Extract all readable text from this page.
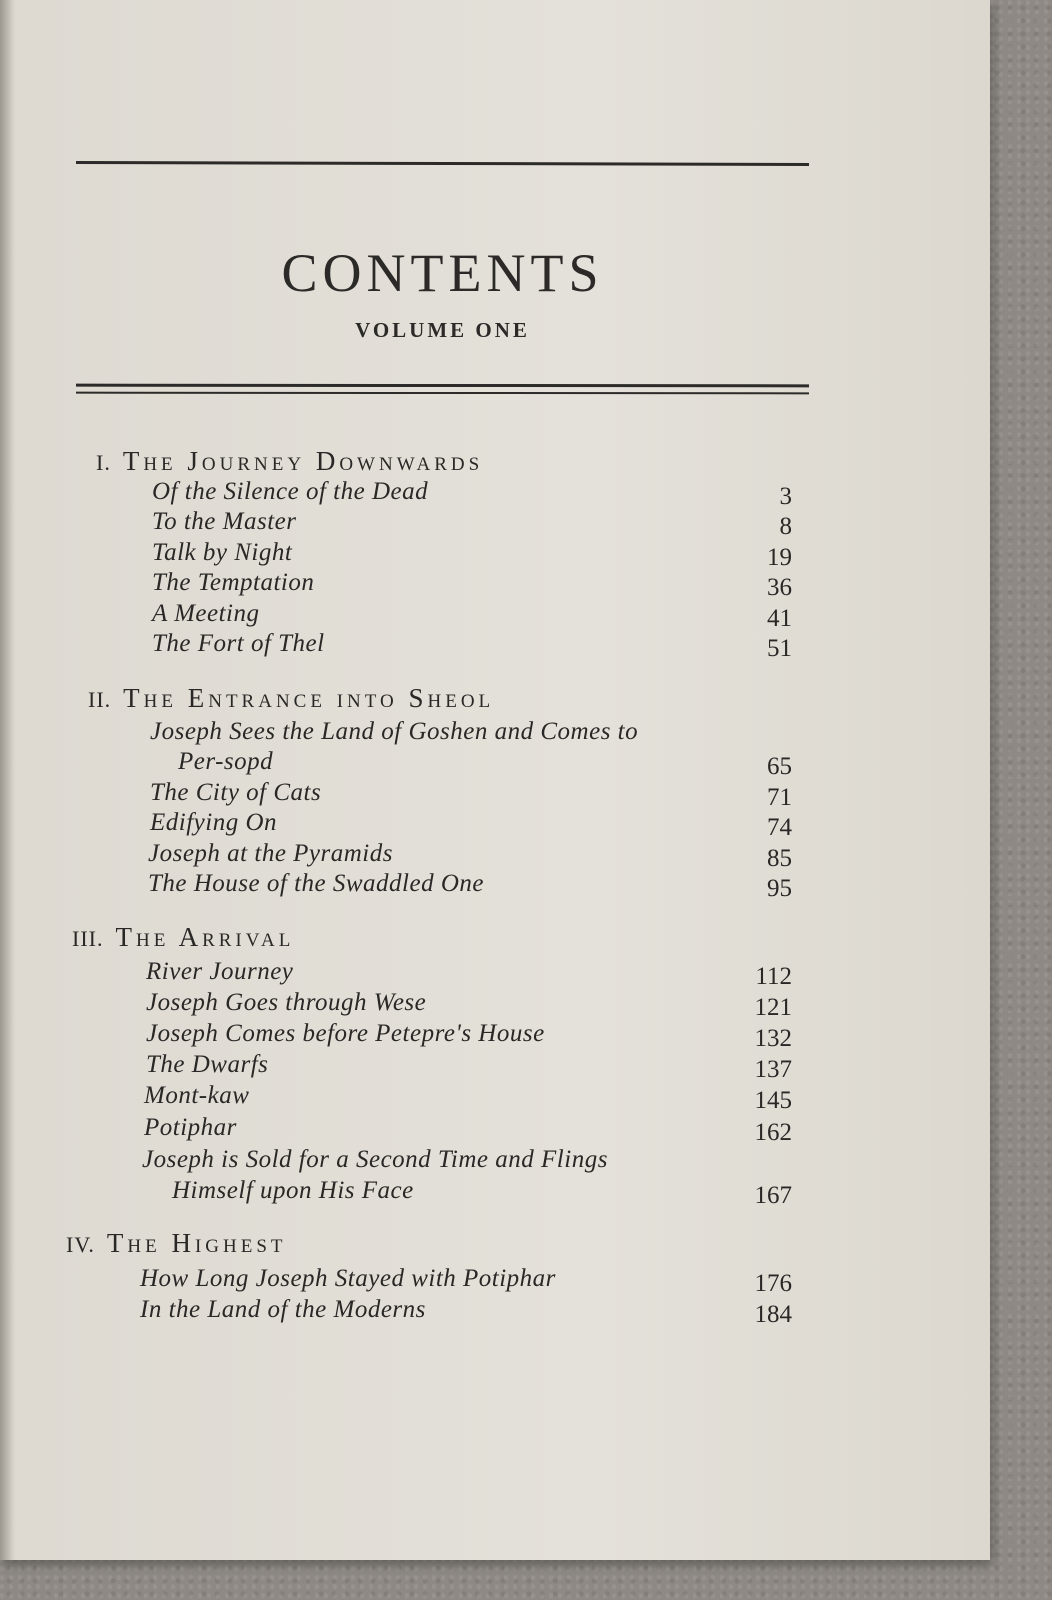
CONTENTS
VOLUME ONE
I. The Journey Downwards
Of the Silence of the Dead	3
To the Master	8
Talk by Night	19
The Temptation	36
A Meeting	41
The Fort of Thel	51
II. The Entrance into Sheol
Joseph Sees the Land of Goshen and Comes to
Per-sopd	65
The City of Cats	71
Edifying On	74
Joseph at the Pyramids	85
The House of the Swaddled One	95
III. The Arrival
River Journey	112
Joseph Goes through Wese	121
Joseph Comes before Petepre's House	132
The Dwarfs	137
Mont-kaw	145
Potiphar	162
Joseph is Sold for a Second Time and Flings
Himself upon His Face	167
IV. The Highest
How Long Joseph Stayed with Potiphar	176
In the Land of the Moderns	184
